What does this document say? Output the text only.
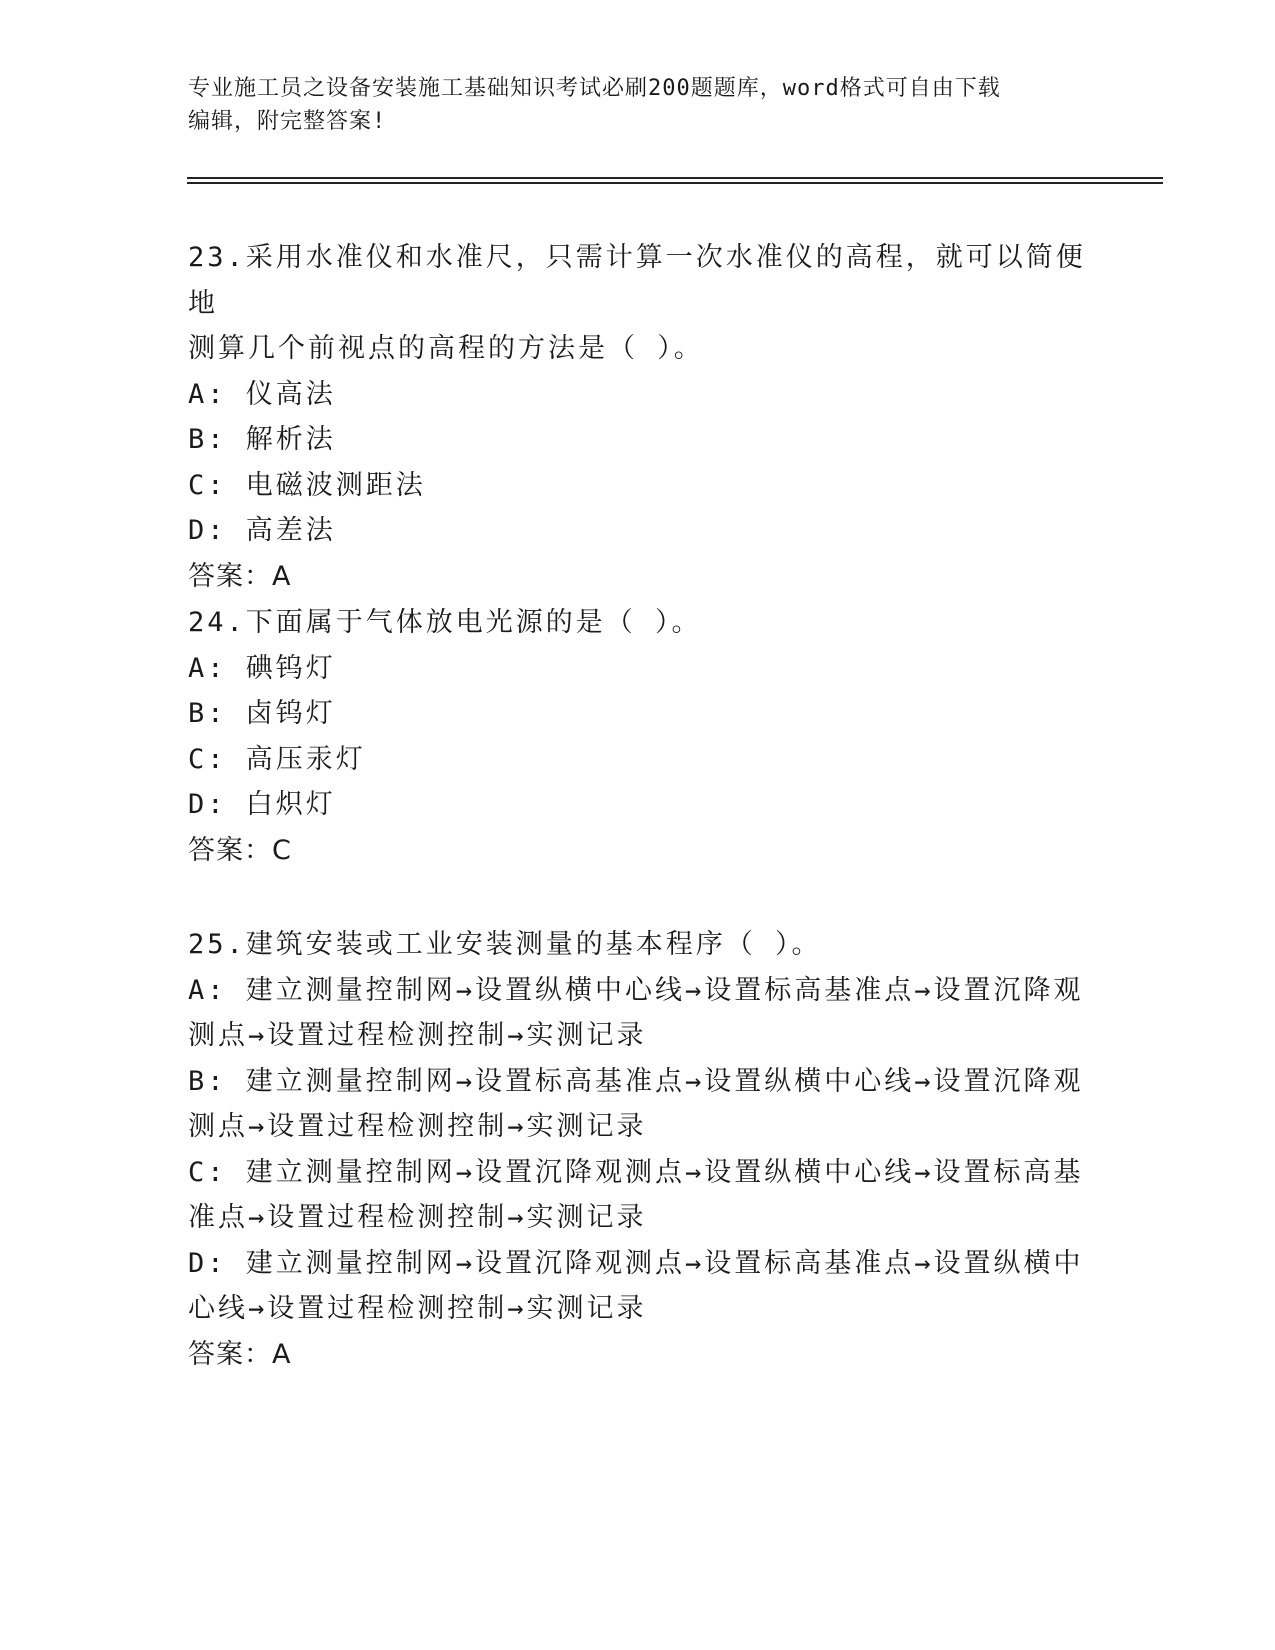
专业施工员之设备安装施工基础知识考试必刷200题题库，word格式可自由下载
编辑，附完整答案!
23.采用水准仪和水准尺，只需计算一次水准仪的高程，就可以简便地
测算几个前视点的高程的方法是（ ）。
A: 仪高法
B: 解析法
C: 电磁波测距法
D: 高差法
答案：A
24.下面属于气体放电光源的是（ ）。
A: 碘钨灯
B: 卤钨灯
C: 高压汞灯
D: 白炽灯
答案：C
25.建筑安装或工业安装测量的基本程序（ ）。
A: 建立测量控制网→设置纵横中心线→设置标高基准点→设置沉降观
测点→设置过程检测控制→实测记录
B: 建立测量控制网→设置标高基准点→设置纵横中心线→设置沉降观
测点→设置过程检测控制→实测记录
C: 建立测量控制网→设置沉降观测点→设置纵横中心线→设置标高基
准点→设置过程检测控制→实测记录
D: 建立测量控制网→设置沉降观测点→设置标高基准点→设置纵横中
心线→设置过程检测控制→实测记录
答案：A
